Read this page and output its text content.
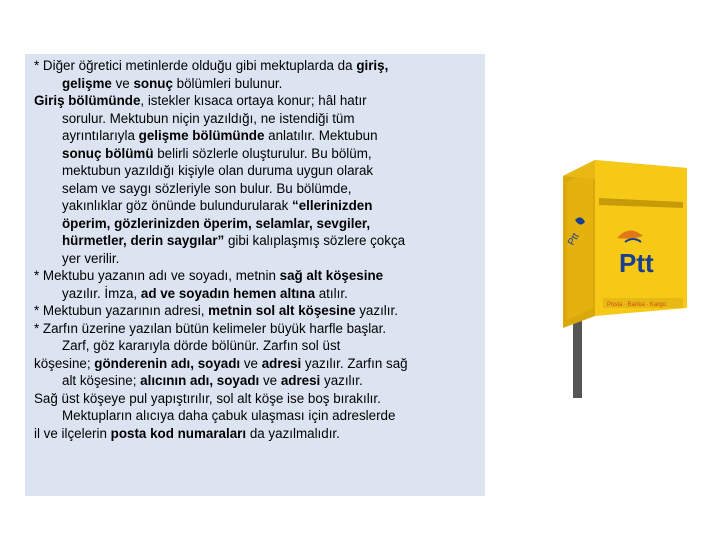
* Diğer öğretici metinlerde olduğu gibi mektuplarda da giriş,

gelişme ve sonuç bölümleri bulunur.

Giriş bölümünde, istekler kısaca ortaya konur; hâl hatır

sorulur. Mektubun niçin yazıldığı, ne istendiği tüm

ayrıntılarıyla gelişme bölümünde anlatılır. Mektubun

sonuç bölümü belirli sözlerle oluşturulur. Bu bölüm,

mektubun yazıldığı kişiyle olan duruma uygun olarak

selam ve saygı sözleriyle son bulur. Bu bölümde,

yakınlıklar göz önünde bulundurularak “ellerinizden

öperim, gözlerinizden öperim, selamlar, sevgiler,

hürmetler, derin saygılar” gibi kalıplaşmış sözlere çokça

yer verilir.

* Mektubu yazanın adı ve soyadı, metnin sağ alt köşesine

yazılır. İmza, ad ve soyadın hemen altına atılır.

* Mektubun yazarının adresi, metnin sol alt köşesine yazılır.

* Zarfın üzerine yazılan bütün kelimeler büyük harfle başlar.

Zarf, göz kararıyla dörde bölünür. Zarfın sol üst

köşesine; gönderenin adı, soyadı ve adresi yazılır. Zarfın sağ

alt köşesine; alıcının adı, soyadı ve adresi yazılır.

Sağ üst köşeye pul yapıştırılır, sol alt köşe ise boş bırakılır.

Mektupların alıcıya daha çabuk ulaşması için adreslerde

il ve ilçelerin posta kod numaraları da yazılmalıdır.

Ptt
Ptt
Posta · Banka · Kargo
